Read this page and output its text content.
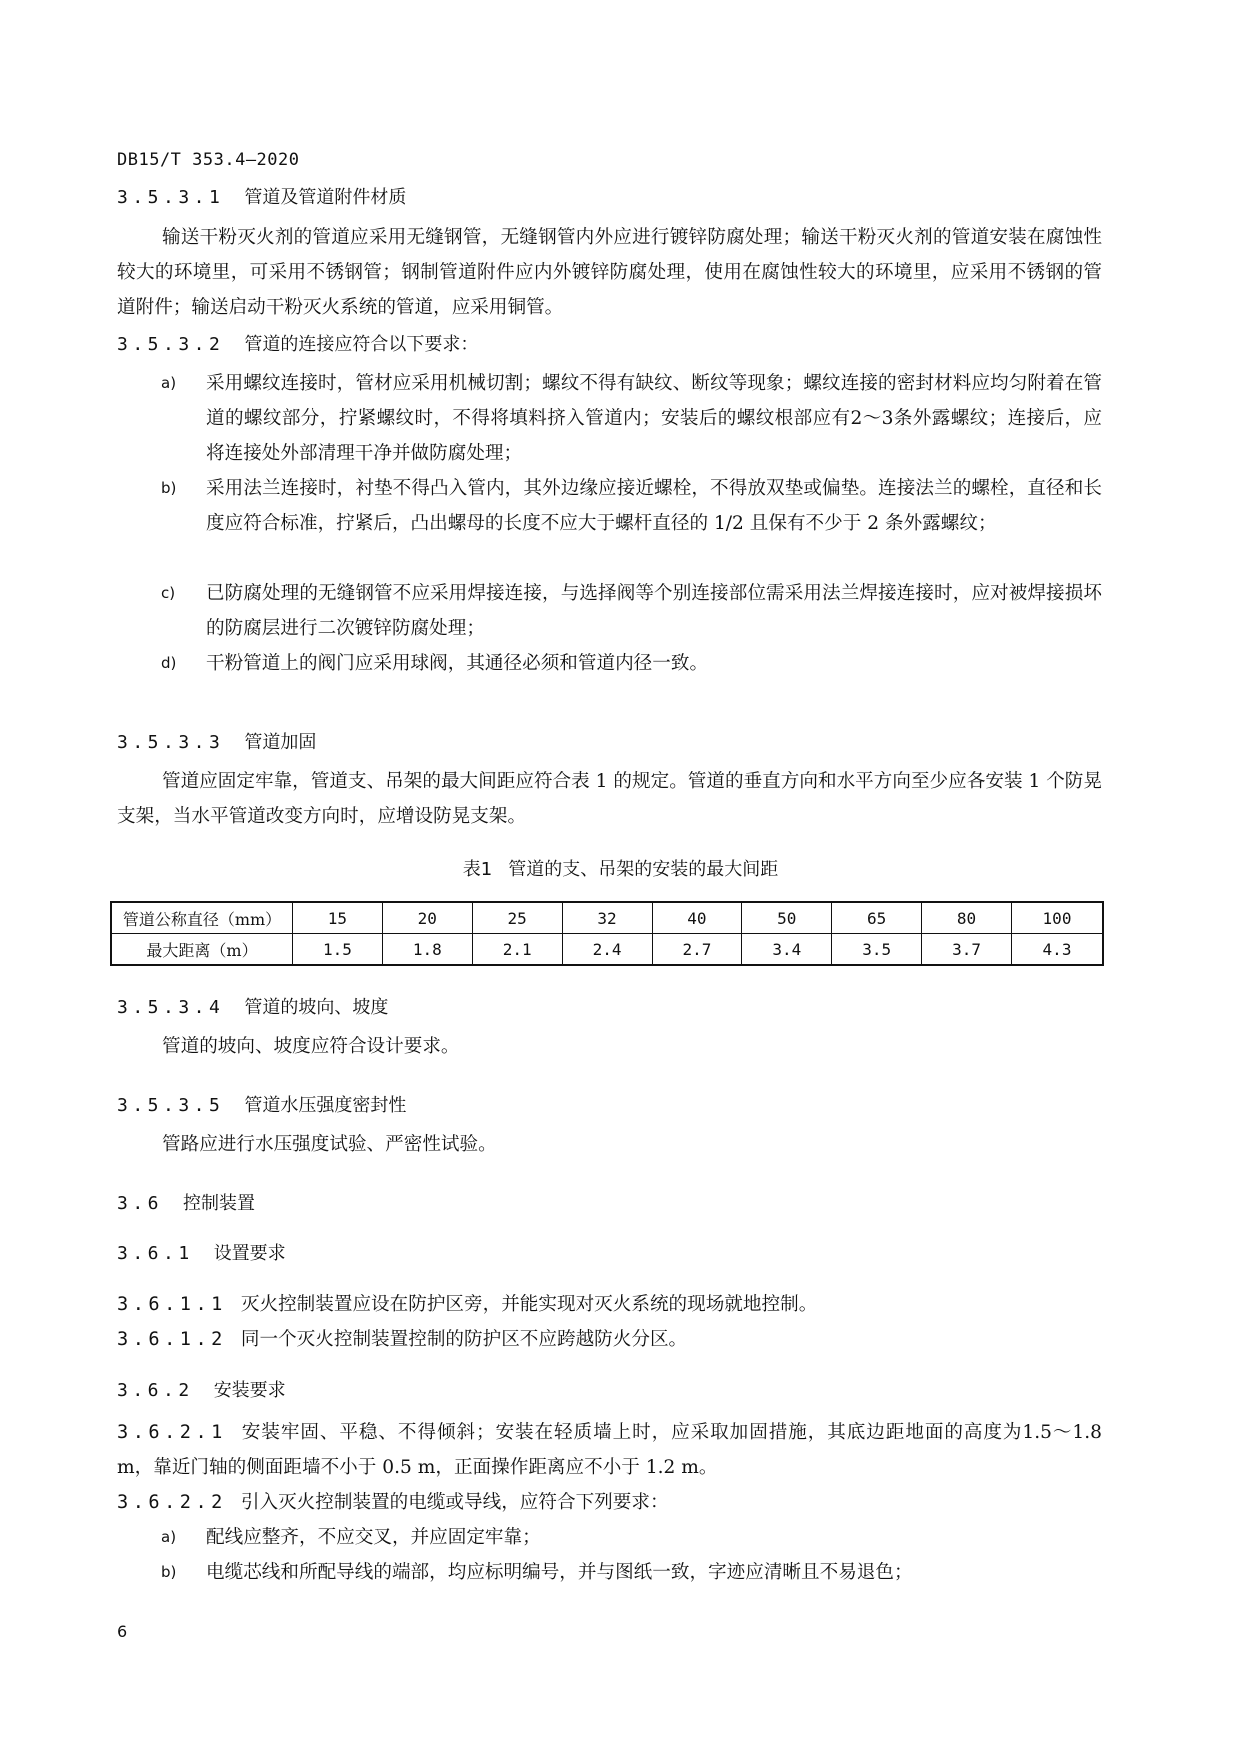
DB15/T 353.4—2020
3.5.3.1 管道及管道附件材质

输送干粉灭火剂的管道应采用无缝钢管，无缝钢管内外应进行镀锌防腐处理；输送干粉灭火剂的管道安装在腐蚀性较大的环境里，可采用不锈钢管；钢制管道附件应内外镀锌防腐处理，使用在腐蚀性较大的环境里，应采用不锈钢的管道附件；输送启动干粉灭火系统的管道，应采用铜管。

3.5.3.2 管道的连接应符合以下要求：
a)	采用螺纹连接时，管材应采用机械切割；螺纹不得有缺纹、断纹等现象；螺纹连接的密封材料应均匀附着在管道的螺纹部分，拧紧螺纹时，不得将填料挤入管道内；安装后的螺纹根部应有2～3条外露螺纹；连接后，应将连接处外部清理干净并做防腐处理；
b)	采用法兰连接时，衬垫不得凸入管内，其外边缘应接近螺栓，不得放双垫或偏垫。连接法兰的螺栓，直径和长度应符合标准，拧紧后，凸出螺母的长度不应大于螺杆直径的 1/2 且保有不少于 2 条外露螺纹；
c)	已防腐处理的无缝钢管不应采用焊接连接，与选择阀等个别连接部位需采用法兰焊接连接时，应对被焊接损坏的防腐层进行二次镀锌防腐处理；
d)	干粉管道上的阀门应采用球阀，其通径必须和管道内径一致。
3.5.3.3 管道加固

管道应固定牢靠，管道支、吊架的最大间距应符合表 1 的规定。管道的垂直方向和水平方向至少应各安装 1 个防晃支架，当水平管道改变方向时，应增设防晃支架。

表1 管道的支、吊架的安装的最大间距
管道公称直径（mm）	15	20	25	32	40	50	65	80	100
最大距离（m）	1.5	1.8	2.1	2.4	2.7	3.4	3.5	3.7	4.3
3.5.3.4 管道的坡向、坡度

管道的坡向、坡度应符合设计要求。

3.5.3.5 管道水压强度密封性

管路应进行水压强度试验、严密性试验。

3.6 控制装置
3.6.1 设置要求

3.6.1.1 灭火控制装置应设在防护区旁，并能实现对灭火系统的现场就地控制。

3.6.1.2 同一个灭火控制装置控制的防护区不应跨越防火分区。

3.6.2 安装要求

3.6.2.1 安装牢固、平稳、不得倾斜；安装在轻质墙上时，应采取加固措施，其底边距地面的高度为1.5～1.8 m，靠近门轴的侧面距墙不小于 0.5 m，正面操作距离应不小于 1.2 m。

3.6.2.2 引入灭火控制装置的电缆或导线，应符合下列要求：

a)	配线应整齐，不应交叉，并应固定牢靠；
b)	电缆芯线和所配导线的端部，均应标明编号，并与图纸一致，字迹应清晰且不易退色；
6
